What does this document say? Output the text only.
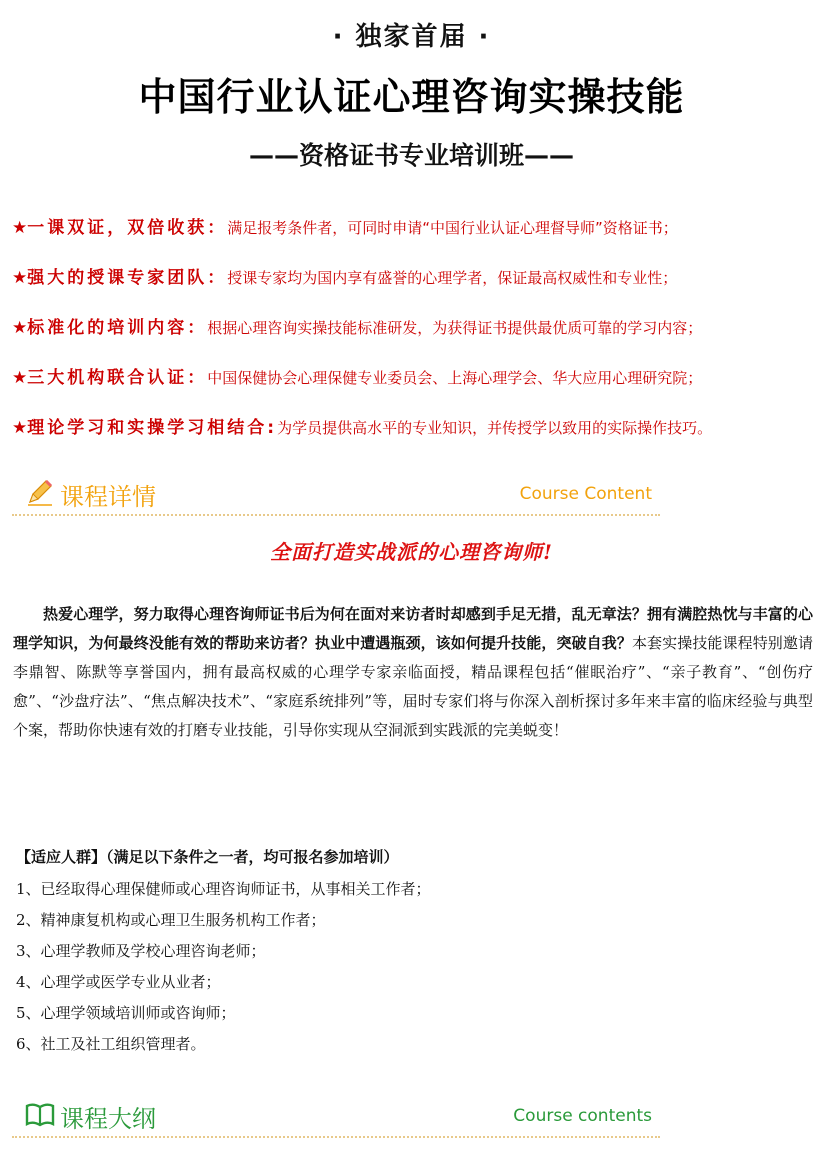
· 独家首届 ·
中国行业认证心理咨询实操技能
——资格证书专业培训班——
★一课双证，双倍收获：满足报考条件者，可同时申请“中国行业认证心理督导师”资格证书；
★强大的授课专家团队：授课专家均为国内享有盛誉的心理学者，保证最高权威性和专业性；
★标准化的培训内容：根据心理咨询实操技能标准研发，为获得证书提供最优质可靠的学习内容；
★三大机构联合认证：中国保健协会心理保健专业委员会、上海心理学会、华大应用心理研究院；
★理论学习和实操学习相结合:为学员提供高水平的专业知识，并传授学以致用的实际操作技巧。
课程详情	Course Content
全面打造实战派的心理咨询师!
热爱心理学，努力取得心理咨询师证书后为何在面对来访者时却感到手足无措，乱无章法？拥有满腔热忱与丰富的心理学知识，为何最终没能有效的帮助来访者？执业中遭遇瓶颈，该如何提升技能，突破自我？本套实操技能课程特别邀请李鼎智、陈默等享誉国内，拥有最高权威的心理学专家亲临面授，精品课程包括“催眠治疗”、“亲子教育”、“创伤疗愈”、“沙盘疗法”、“焦点解决技术”、“家庭系统排列”等，届时专家们将与你深入剖析探讨多年来丰富的临床经验与典型个案，帮助你快速有效的打磨专业技能，引导你实现从空洞派到实践派的完美蜕变！
【适应人群】（满足以下条件之一者，均可报名参加培训）
1、已经取得心理保健师或心理咨询师证书，从事相关工作者；
2、精神康复机构或心理卫生服务机构工作者；
3、心理学教师及学校心理咨询老师；
4、心理学或医学专业从业者；
5、心理学领域培训师或咨询师；
6、社工及社工组织管理者。
课程大纲	Course contents
